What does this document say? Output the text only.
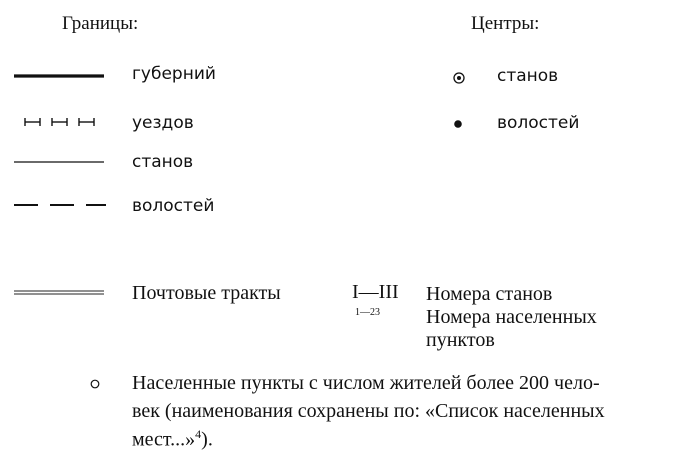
Границы:
губерний
уездов
станов
волостей
Центры:
станов
волостей
Почтовые тракты	I—III Номера станов
1—23 Номера населенных
пунктов
Населенные пункты с числом жителей более 200 чело-
век (наименования сохранены по: «Список населенных
мест...»$^4$).
